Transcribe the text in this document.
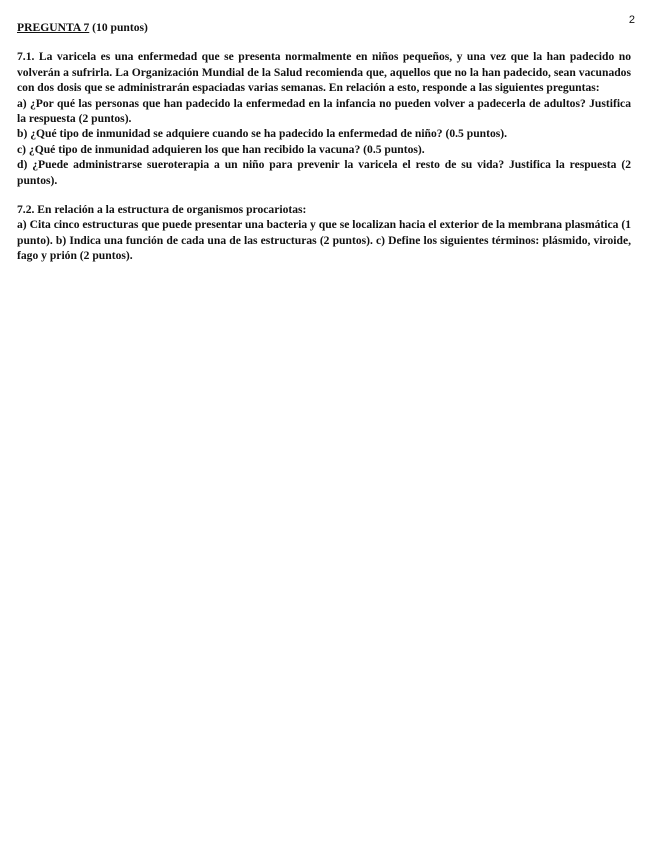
2

PREGUNTA 7 (10 puntos)

7.1. La varicela es una enfermedad que se presenta normalmente en niños pequeños, y una vez que la han padecido no volverán a sufrirla. La Organización Mundial de la Salud recomienda que, aquellos que no la han padecido, sean vacunados con dos dosis que se administrarán espaciadas varias semanas. En relación a esto, responde a las siguientes preguntas:

a) ¿Por qué las personas que han padecido la enfermedad en la infancia no pueden volver a padecerla de adultos? Justifica la respuesta (2 puntos).

b) ¿Qué tipo de inmunidad se adquiere cuando se ha padecido la enfermedad de niño? (0.5 puntos).

c) ¿Qué tipo de inmunidad adquieren los que han recibido la vacuna? (0.5 puntos).

d) ¿Puede administrarse sueroterapia a un niño para prevenir la varicela el resto de su vida? Justifica la respuesta (2 puntos).

7.2. En relación a la estructura de organismos procariotas:

a) Cita cinco estructuras que puede presentar una bacteria y que se localizan hacia el exterior de la membrana plasmática (1 punto). b) Indica una función de cada una de las estructuras (2 puntos). c) Define los siguientes términos: plásmido, viroide, fago y prión (2 puntos).
